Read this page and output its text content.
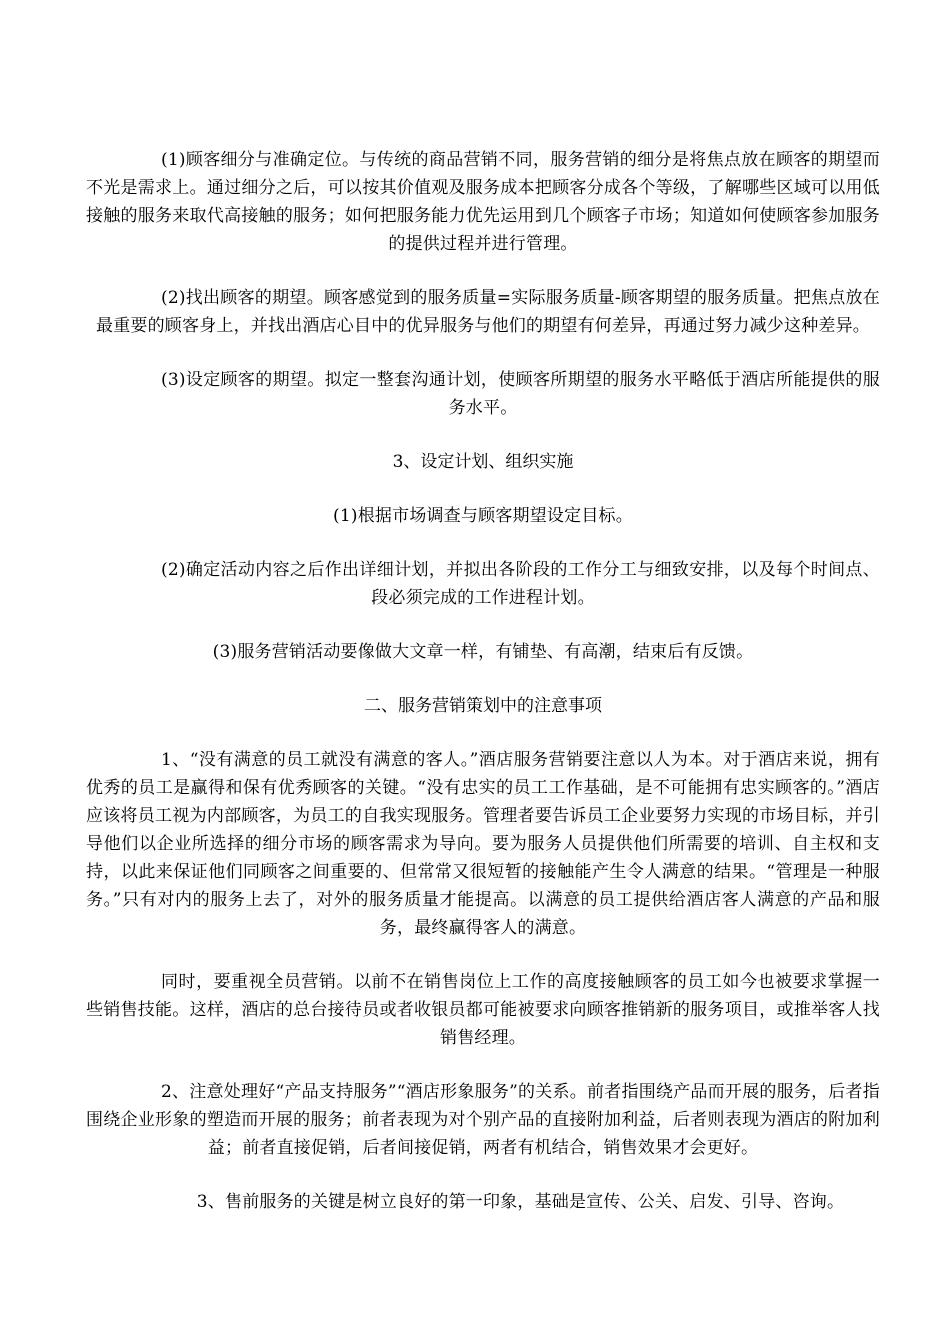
(1)顾客细分与准确定位。与传统的商品营销不同，服务营销的细分是将焦点放在顾客的期望而不光是需求上。通过细分之后，可以按其价值观及服务成本把顾客分成各个等级，了解哪些区域可以用低接触的服务来取代高接触的服务；如何把服务能力优先运用到几个顾客子市场；知道如何使顾客参加服务的提供过程并进行管理。

(2)找出顾客的期望。顾客感觉到的服务质量=实际服务质量-顾客期望的服务质量。把焦点放在最重要的顾客身上，并找出酒店心目中的优异服务与他们的期望有何差异，再通过努力减少这种差异。

(3)设定顾客的期望。拟定一整套沟通计划，使顾客所期望的服务水平略低于酒店所能提供的服务水平。

3、设定计划、组织实施

(1)根据市场调查与顾客期望设定目标。

(2)确定活动内容之后作出详细计划，并拟出各阶段的工作分工与细致安排，以及每个时间点、段必须完成的工作进程计划。

(3)服务营销活动要像做大文章一样，有铺垫、有高潮，结束后有反馈。

二、服务营销策划中的注意事项

1、“没有满意的员工就没有满意的客人。”酒店服务营销要注意以人为本。对于酒店来说，拥有优秀的员工是赢得和保有优秀顾客的关键。“没有忠实的员工工作基础，是不可能拥有忠实顾客的。”酒店应该将员工视为内部顾客，为员工的自我实现服务。管理者要告诉员工企业要努力实现的市场目标，并引导他们以企业所选择的细分市场的顾客需求为导向。要为服务人员提供他们所需要的培训、自主权和支持，以此来保证他们同顾客之间重要的、但常常又很短暂的接触能产生令人满意的结果。“管理是一种服务。”只有对内的服务上去了，对外的服务质量才能提高。以满意的员工提供给酒店客人满意的产品和服务，最终赢得客人的满意。

同时，要重视全员营销。以前不在销售岗位上工作的高度接触顾客的员工如今也被要求掌握一些销售技能。这样，酒店的总台接待员或者收银员都可能被要求向顾客推销新的服务项目，或推举客人找销售经理。

2、注意处理好“产品支持服务”“酒店形象服务”的关系。前者指围绕产品而开展的服务，后者指围绕企业形象的塑造而开展的服务；前者表现为对个别产品的直接附加利益，后者则表现为酒店的附加利益；前者直接促销，后者间接促销，两者有机结合，销售效果才会更好。

3、售前服务的关键是树立良好的第一印象，基础是宣传、公关、启发、引导、咨询。
